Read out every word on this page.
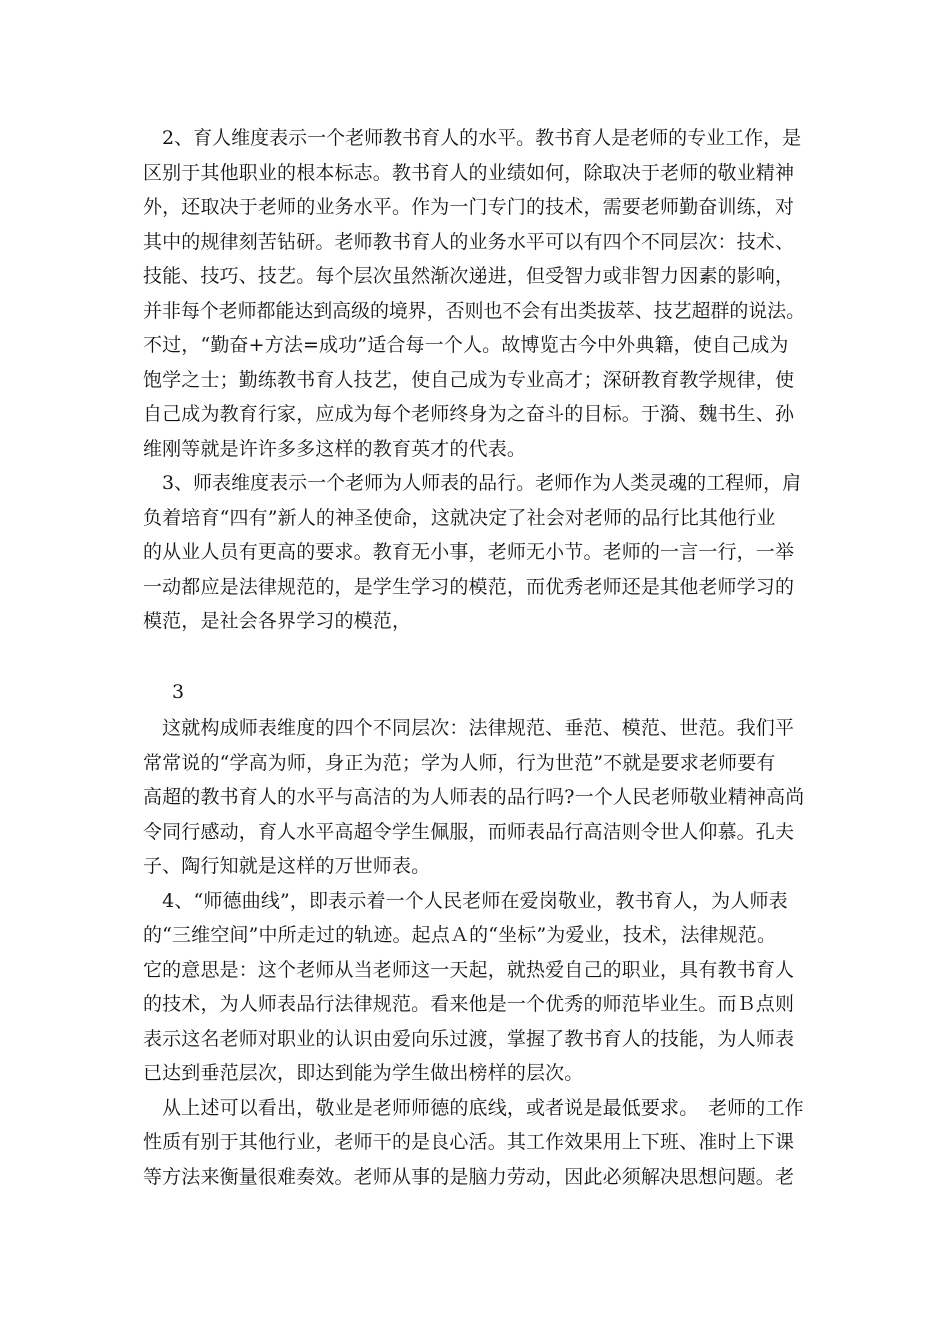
　2、育人维度表示一个老师教书育人的水平。教书育人是老师的专业工作，是
区别于其他职业的根本标志。教书育人的业绩如何，除取决于老师的敬业精神
外，还取决于老师的业务水平。作为一门专门的技术，需要老师勤奋训练，对
其中的规律刻苦钻研。老师教书育人的业务水平可以有四个不同层次：技术、
技能、技巧、技艺。每个层次虽然渐次递进，但受智力或非智力因素的影响，
并非每个老师都能达到高级的境界，否则也不会有出类拔萃、技艺超群的说法。
不过，“勤奋+方法=成功”适合每一个人。故博览古今中外典籍，使自己成为
饱学之士；勤练教书育人技艺，使自己成为专业高才；深研教育教学规律，使
自己成为教育行家，应成为每个老师终身为之奋斗的目标。于漪、魏书生、孙
维刚等就是许许多多这样的教育英才的代表。
　3、师表维度表示一个老师为人师表的品行。老师作为人类灵魂的工程师，肩
负着培育“四有”新人的神圣使命，这就决定了社会对老师的品行比其他行业
的从业人员有更高的要求。教育无小事，老师无小节。老师的一言一行，一举
一动都应是法律规范的，是学生学习的模范，而优秀老师还是其他老师学习的
模范，是社会各界学习的模范，
3
　这就构成师表维度的四个不同层次：法律规范、垂范、模范、世范。我们平
常常说的“学高为师，身正为范；学为人师，行为世范”不就是要求老师要有
高超的教书育人的水平与高洁的为人师表的品行吗?一个人民老师敬业精神高尚
令同行感动，育人水平高超令学生佩服，而师表品行高洁则令世人仰慕。孔夫
子、陶行知就是这样的万世师表。
　4、“师德曲线”，即表示着一个人民老师在爱岗敬业，教书育人，为人师表
的“三维空间”中所走过的轨迹。起点Ａ的“坐标”为爱业，技术，法律规范。
它的意思是：这个老师从当老师这一天起，就热爱自己的职业，具有教书育人
的技术，为人师表品行法律规范。看来他是一个优秀的师范毕业生。而Ｂ点则
表示这名老师对职业的认识由爱向乐过渡，掌握了教书育人的技能，为人师表
已达到垂范层次，即达到能为学生做出榜样的层次。
　从上述可以看出，敬业是老师师德的底线，或者说是最低要求。　老师的工作
性质有别于其他行业，老师干的是良心活。其工作效果用上下班、准时上下课
等方法来衡量很难奏效。老师从事的是脑力劳动，因此必须解决思想问题。老
